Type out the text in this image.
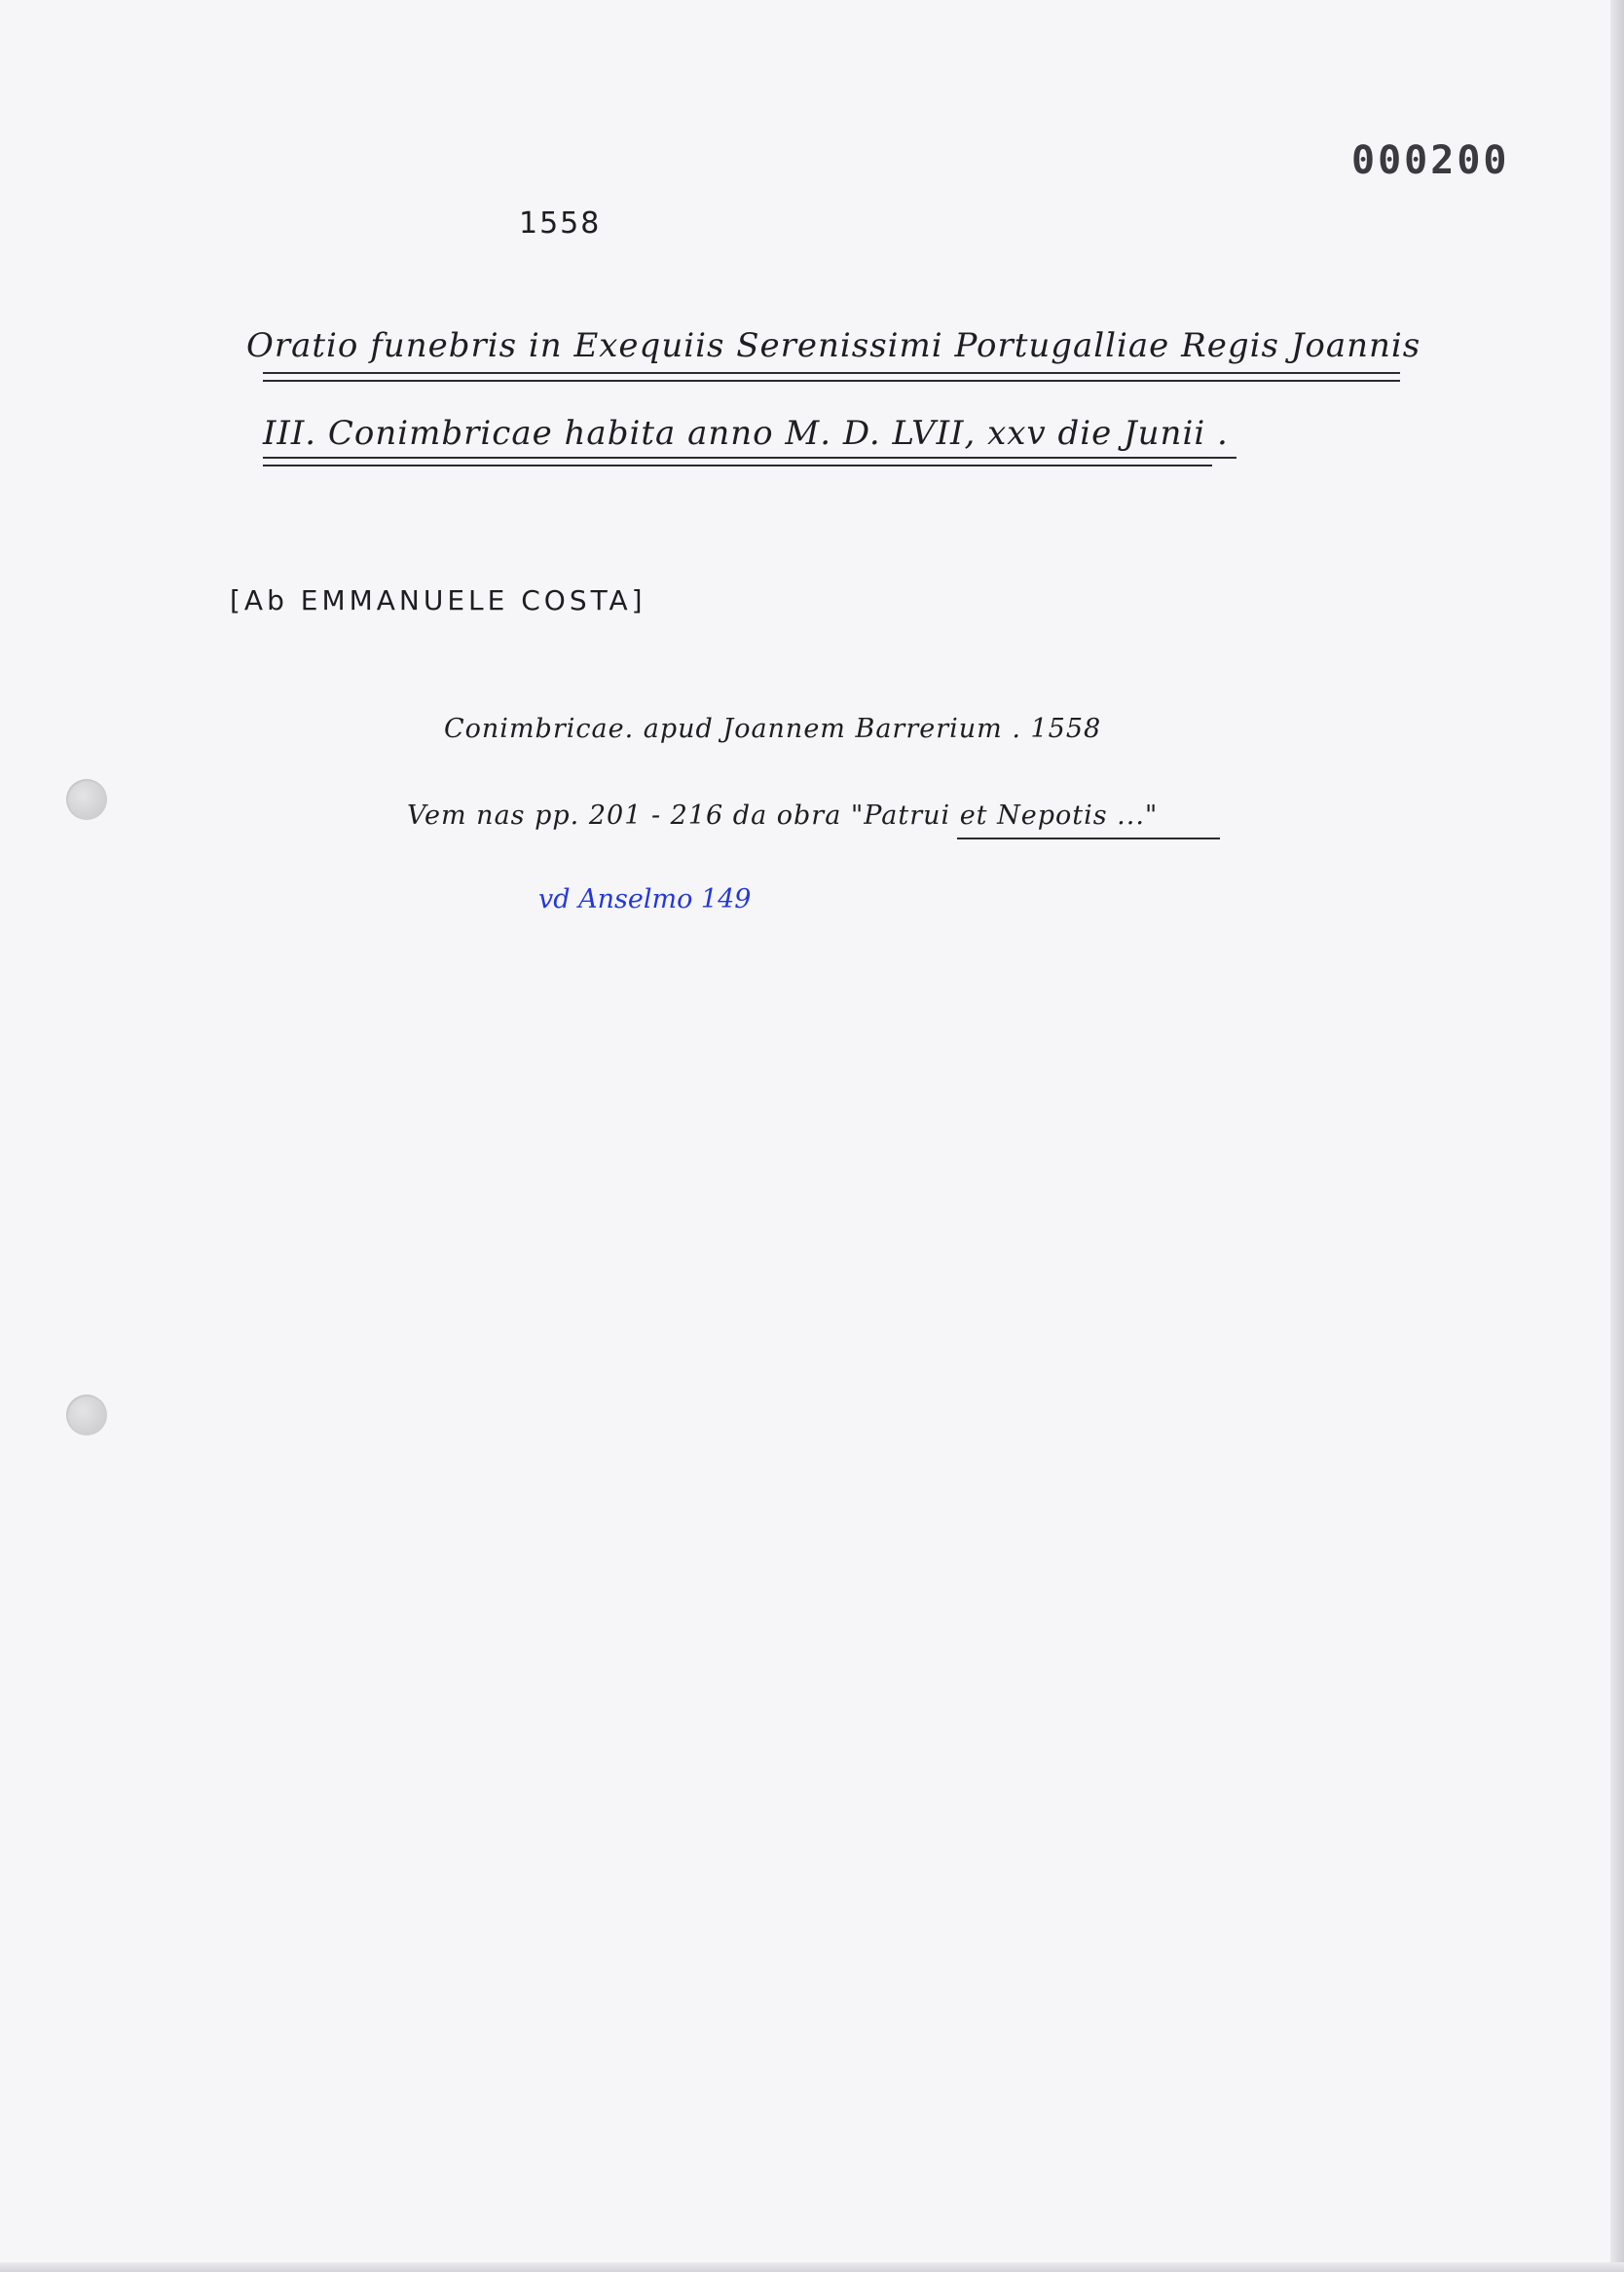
000200
1558
Oratio funebris in Exequiis Serenissimi Portugalliae Regis Joannis
III. Conimbricae habita anno M. D. LVII, xxv die Junii .
[Ab EMMANUELE COSTA]
Conimbricae. apud Joannem Barrerium . 1558
Vem nas pp. 201 - 216 da obra "Patrui et Nepotis ..."
vd Anselmo 149
